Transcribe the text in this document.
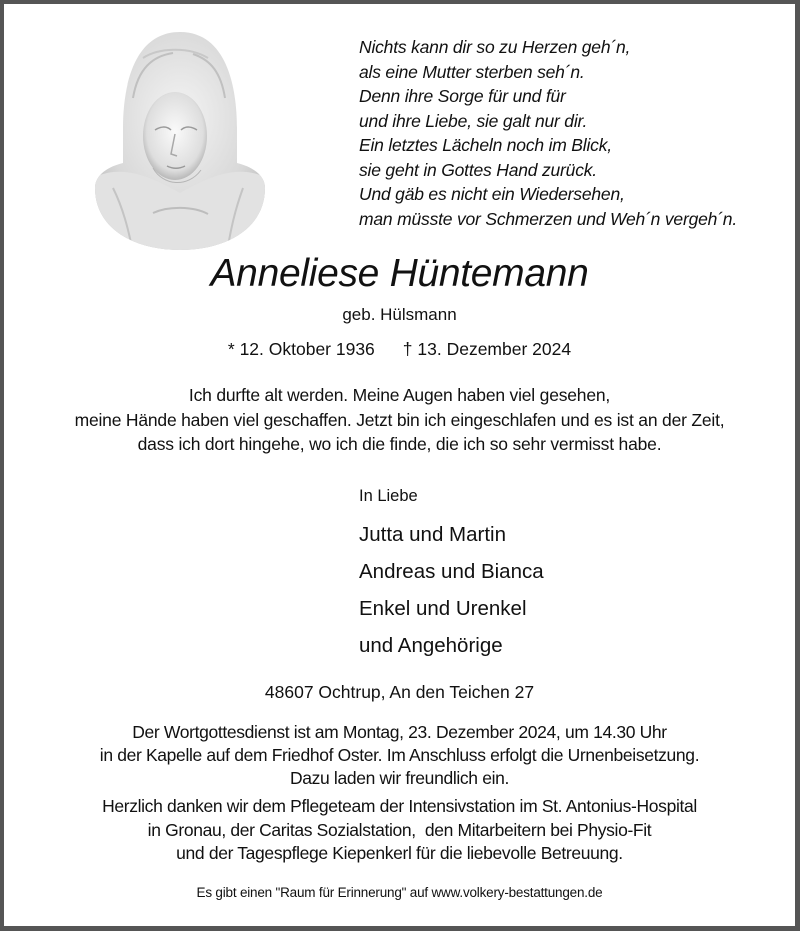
Nichts kann dir so zu Herzen geh´n,
als eine Mutter sterben seh´n.
Denn ihre Sorge für und für
und ihre Liebe, sie galt nur dir.
Ein letztes Lächeln noch im Blick,
sie geht in Gottes Hand zurück.
Und gäb es nicht ein Wiedersehen,
man müsste vor Schmerzen und Weh´n vergeh´n.
Anneliese Hüntemann
geb. Hülsmann
* 12. Oktober 1936 † 13. Dezember 2024
Ich durfte alt werden. Meine Augen haben viel gesehen,
meine Hände haben viel geschaffen. Jetzt bin ich eingeschlafen und es ist an der Zeit,
dass ich dort hingehe, wo ich die finde, die ich so sehr vermisst habe.
In Liebe
Jutta und Martin
Andreas und Bianca
Enkel und Urenkel
und Angehörige
48607 Ochtrup, An den Teichen 27
Der Wortgottesdienst ist am Montag, 23. Dezember 2024, um 14.30 Uhr
in der Kapelle auf dem Friedhof Oster. Im Anschluss erfolgt die Urnenbeisetzung.
Dazu laden wir freundlich ein.
Herzlich danken wir dem Pflegeteam der Intensivstation im St. Antonius-Hospital
in Gronau, der Caritas Sozialstation,  den Mitarbeitern bei Physio-Fit
und der Tagespflege Kiepenkerl für die liebevolle Betreuung.
Es gibt einen "Raum für Erinnerung" auf www.volkery-bestattungen.de
